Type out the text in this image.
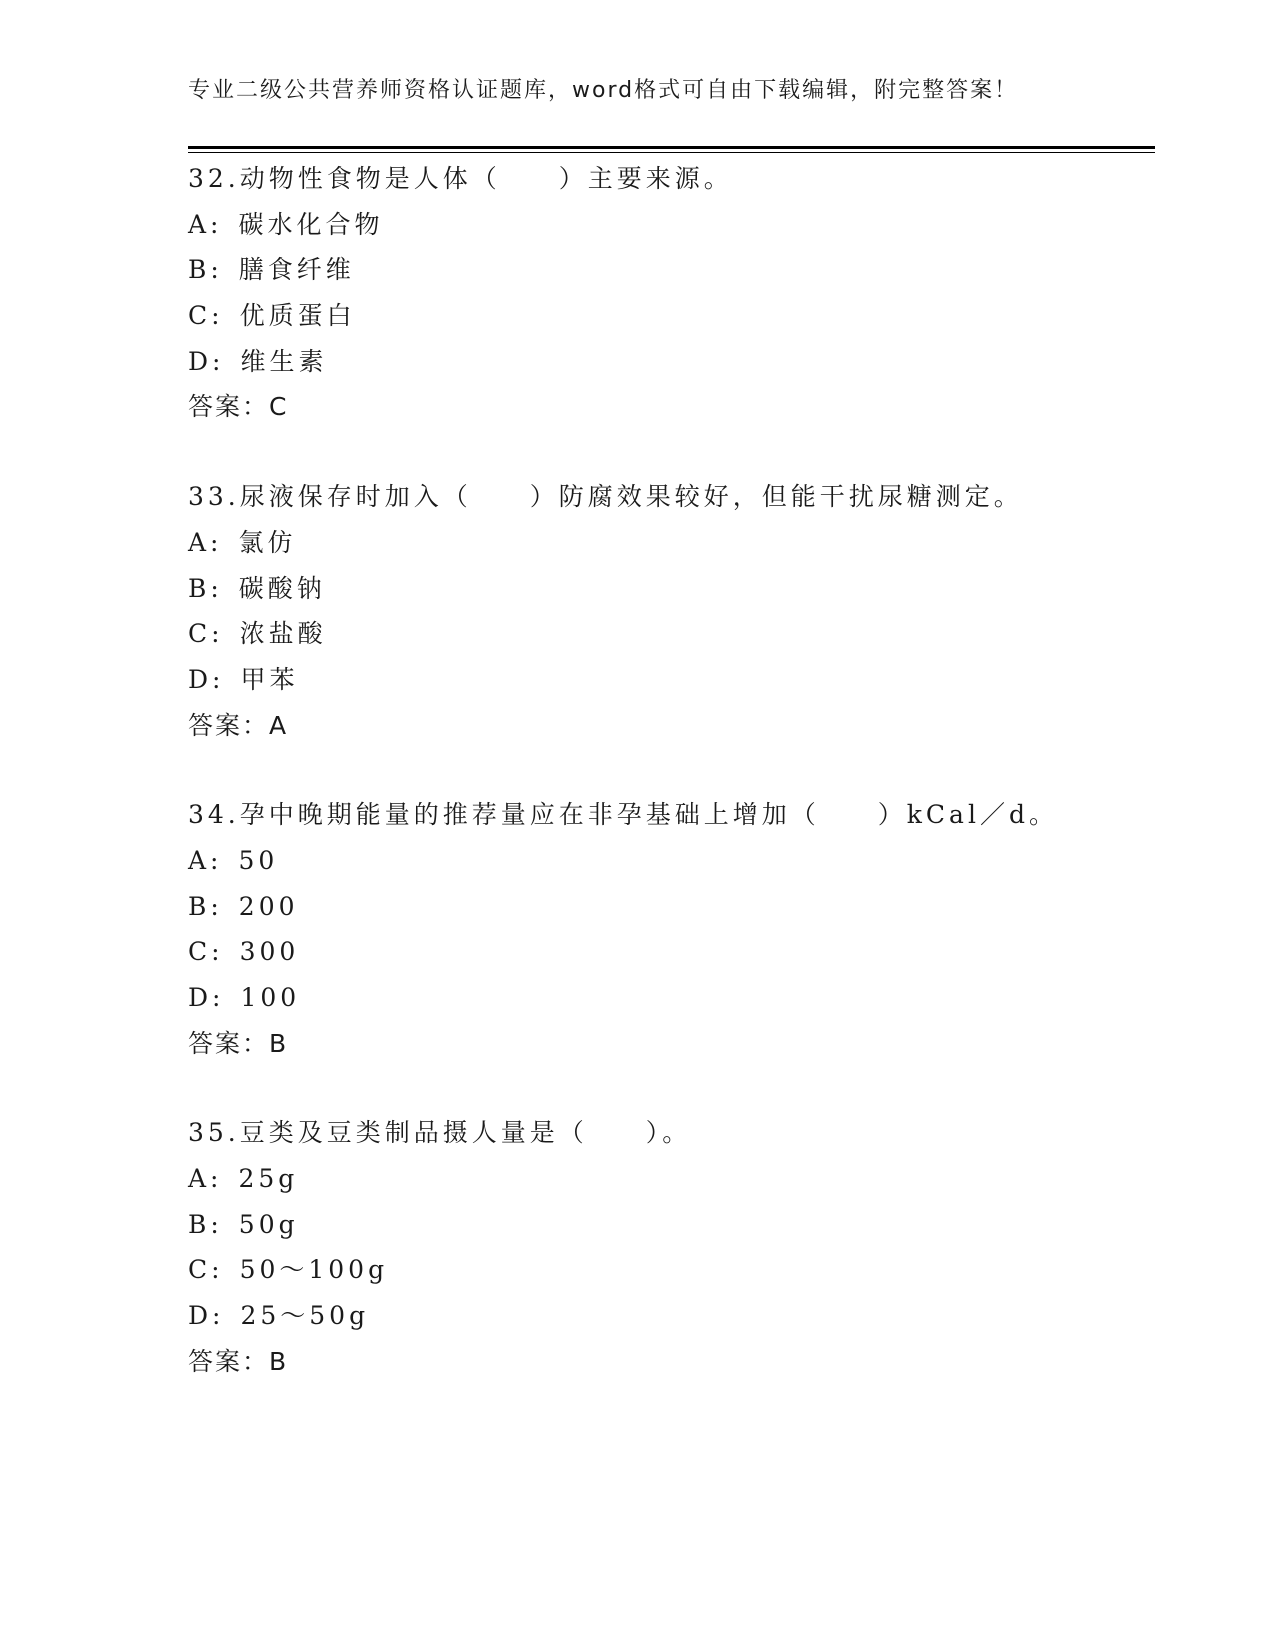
专业二级公共营养师资格认证题库，word格式可自由下载编辑，附完整答案！
32.动物性食物是人体（　　）主要来源。
A: 碳水化合物
B: 膳食纤维
C: 优质蛋白
D: 维生素
答案：C
33.尿液保存时加入（　　）防腐效果较好，但能干扰尿糖测定。
A: 氯仿
B: 碳酸钠
C: 浓盐酸
D: 甲苯
答案：A
34.孕中晚期能量的推荐量应在非孕基础上增加（　　）kCal／d。
A: 50
B: 200
C: 300
D: 100
答案：B
35.豆类及豆类制品摄人量是（　　）。
A: 25g
B: 50g
C: 50～100g
D: 25～50g
答案：B
